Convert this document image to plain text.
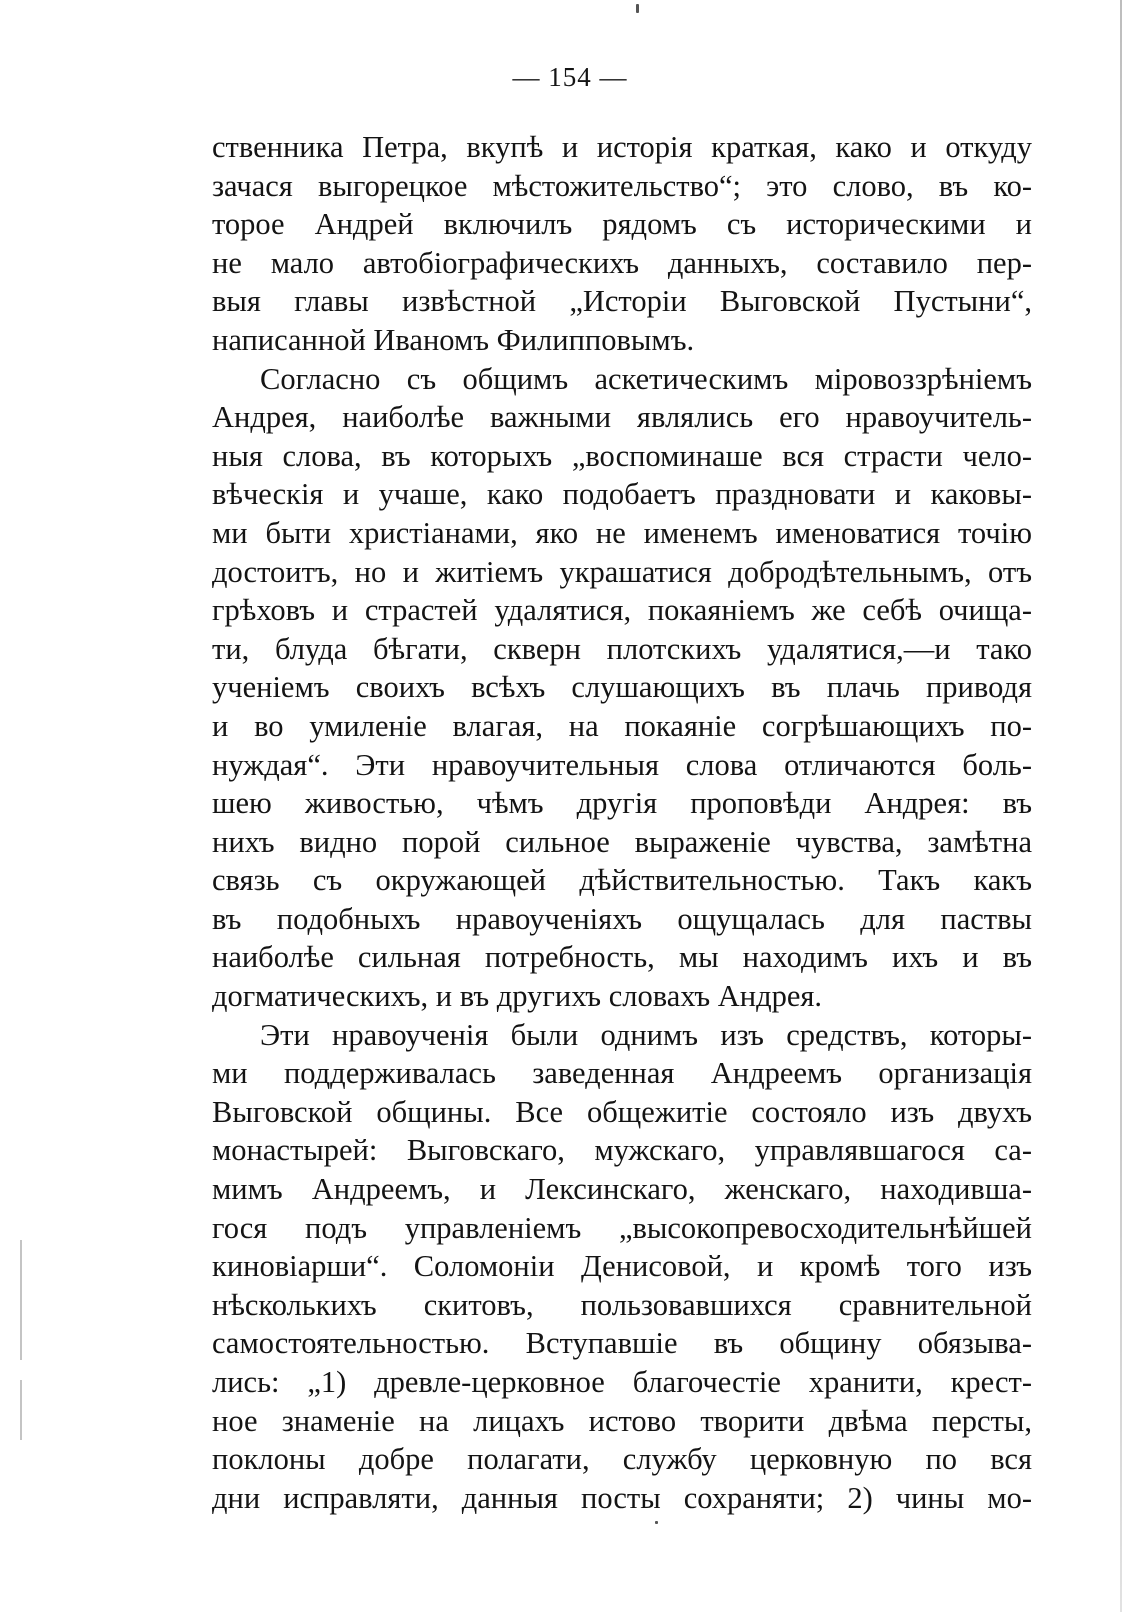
— 154 —
ственника Петра, вкупѣ и исторія краткая, како и откуду
зачася выгорецкое мѣстожительство“; это слово, въ ко-
торое Андрей включилъ рядомъ съ историческими и
не мало автобіографическихъ данныхъ, составило пер-
выя главы извѣстной „Исторіи Выговской Пустыни“,
написанной Иваномъ Филипповымъ.
Согласно съ общимъ аскетическимъ міровоззрѣніемъ
Андрея, наиболѣе важными являлись его нравоучитель-
ныя слова, въ которыхъ „воспоминаше вся страсти чело-
вѣческія и учаше, како подобаетъ праздновати и каковы-
ми быти христіанами, яко не именемъ именоватися точію
достоитъ, но и житіемъ украшатися добродѣтельнымъ, отъ
грѣховъ и страстей удалятися, покаяніемъ же себѣ очища-
ти, блуда бѣгати, скверн плотскихъ удалятися,—и тако
ученіемъ своихъ всѣхъ слушающихъ въ плачь приводя
и во умиленіе влагая, на покаяніе согрѣшающихъ по-
нуждая“. Эти нравоучительныя слова отличаются боль-
шею живостью, чѣмъ другія проповѣди Андрея: въ
нихъ видно порой сильное выраженіе чувства, замѣтна
связь съ окружающей дѣйствительностью. Такъ какъ
въ подобныхъ нравоученіяхъ ощущалась для паствы
наиболѣе сильная потребность, мы находимъ ихъ и въ
догматическихъ, и въ другихъ словахъ Андрея.
Эти нравоученія были однимъ изъ средствъ, которы-
ми поддерживалась заведенная Андреемъ организація
Выговской общины. Все общежитіе состояло изъ двухъ
монастырей: Выговскаго, мужскаго, управлявшагося са-
мимъ Андреемъ, и Лексинскаго, женскаго, находивша-
гося подъ управленіемъ „высокопревосходительнѣйшей
киновіарши“. Соломоніи Денисовой, и кромѣ того изъ
нѣсколькихъ скитовъ, пользовавшихся сравнительной
самостоятельностью. Вступавшіе въ общину обязыва-
лись: „1) древле-церковное благочестіе хранити, крест-
ное знаменіе на лицахъ истово творити двѣма персты,
поклоны добре полагати, службу церковную по вся
дни исправляти, данныя посты сохраняти; 2) чины мо-
